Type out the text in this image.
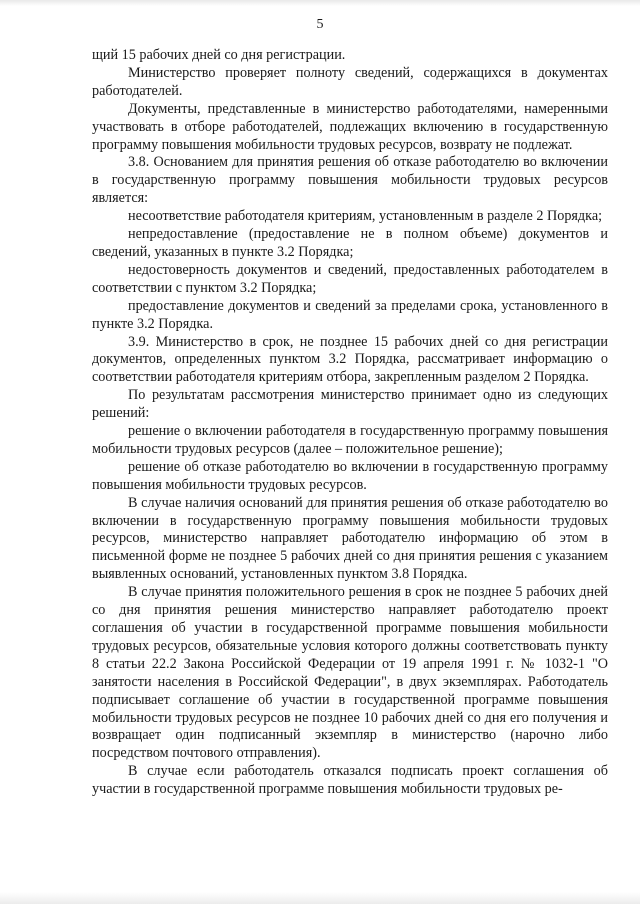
5

щий 15 рабочих дней со дня регистрации.

Министерство проверяет полноту сведений, содержащихся в документах работодателей.

Документы, представленные в министерство работодателями, намеренными участвовать в отборе работодателей, подлежащих включению в государственную программу повышения мобильности трудовых ресурсов, возврату не подлежат.

3.8. Основанием для принятия решения об отказе работодателю во включении в государственную программу повышения мобильности трудовых ресурсов является:

несоответствие работодателя критериям, установленным в разделе 2 Порядка;

непредоставление (предоставление не в полном объеме) документов и сведений, указанных в пункте 3.2 Порядка;

недостоверность документов и сведений, предоставленных работодателем в соответствии с пунктом 3.2 Порядка;

предоставление документов и сведений за пределами срока, установленного в пункте 3.2 Порядка.

3.9. Министерство в срок, не позднее 15 рабочих дней со дня регистрации документов, определенных пунктом 3.2 Порядка, рассматривает информацию о соответствии работодателя критериям отбора, закрепленным разделом 2 Порядка.

По результатам рассмотрения министерство принимает одно из следующих решений:

решение о включении работодателя в государственную программу повышения мобильности трудовых ресурсов (далее – положительное решение);

решение об отказе работодателю во включении в государственную программу повышения мобильности трудовых ресурсов.

В случае наличия оснований для принятия решения об отказе работодателю во включении в государственную программу повышения мобильности трудовых ресурсов, министерство направляет работодателю информацию об этом в письменной форме не позднее 5 рабочих дней со дня принятия решения с указанием выявленных оснований, установленных пунктом 3.8 Порядка.

В случае принятия положительного решения в срок не позднее 5 рабочих дней со дня принятия решения министерство направляет работодателю проект соглашения об участии в государственной программе повышения мобильности трудовых ресурсов, обязательные условия которого должны соответствовать пункту 8 статьи 22.2 Закона Российской Федерации от 19 апреля 1991 г. № 1032-1 "О занятости населения в Российской Федерации", в двух экземплярах. Работодатель подписывает соглашение об участии в государственной программе повышения мобильности трудовых ресурсов не позднее 10 рабочих дней со дня его получения и возвращает один подписанный экземпляр в министерство (нарочно либо посредством почтового отправления).

В случае если работодатель отказался подписать проект соглашения об участии в государственной программе повышения мобильности трудовых ре-
